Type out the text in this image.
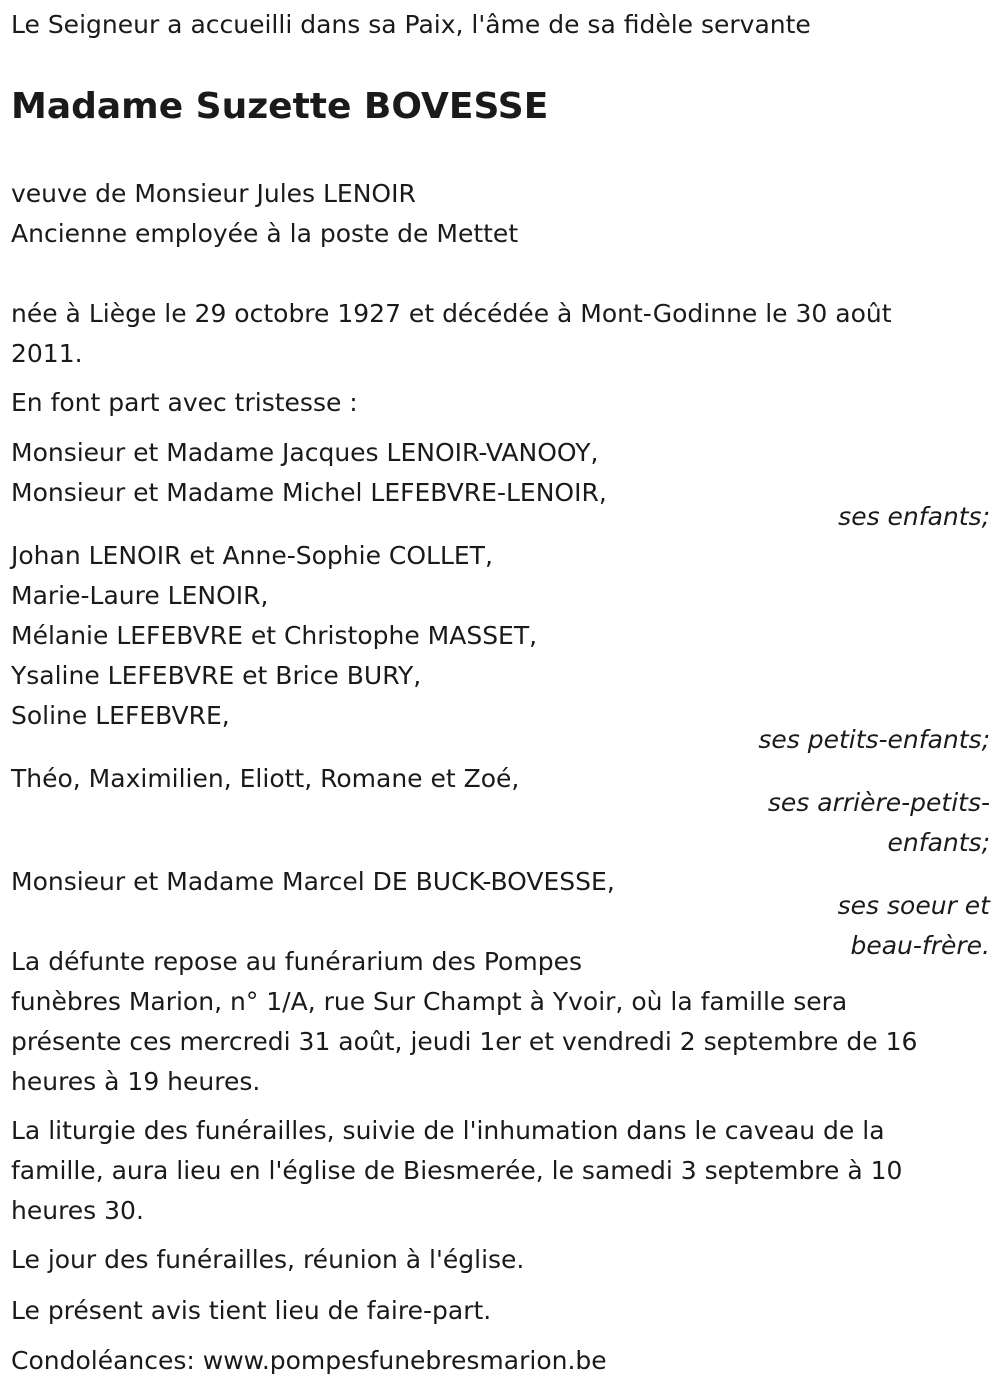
Le Seigneur a accueilli dans sa Paix, l'âme de sa fidèle servante
Madame Suzette BOVESSE
veuve de Monsieur Jules LENOIR
Ancienne employée à la poste de Mettet
née à Liège le 29 octobre 1927 et décédée à Mont-Godinne le 30 août
2011.
En font part avec tristesse :
Monsieur et Madame Jacques LENOIR-VANOOY,
Monsieur et Madame Michel LEFEBVRE-LENOIR,
ses enfants;
Johan LENOIR et Anne-Sophie COLLET,
Marie-Laure LENOIR,
Mélanie LEFEBVRE et Christophe MASSET,
Ysaline LEFEBVRE et Brice BURY,
Soline LEFEBVRE,
ses petits-enfants;
Théo, Maximilien, Eliott, Romane et Zoé,
ses arrière-petits-
enfants;
Monsieur et Madame Marcel DE BUCK-BOVESSE,
ses soeur et
beau-frère.
La défunte repose au funérarium des Pompes
funèbres Marion, n° 1/A, rue Sur Champt à Yvoir, où la famille sera
présente ces mercredi 31 août, jeudi 1er et vendredi 2 septembre de 16
heures à 19 heures.
La liturgie des funérailles, suivie de l'inhumation dans le caveau de la
famille, aura lieu en l'église de Biesmerée, le samedi 3 septembre à 10
heures 30.
Le jour des funérailles, réunion à l'église.
Le présent avis tient lieu de faire-part.
Condoléances: www.pompesfunebresmarion.be
